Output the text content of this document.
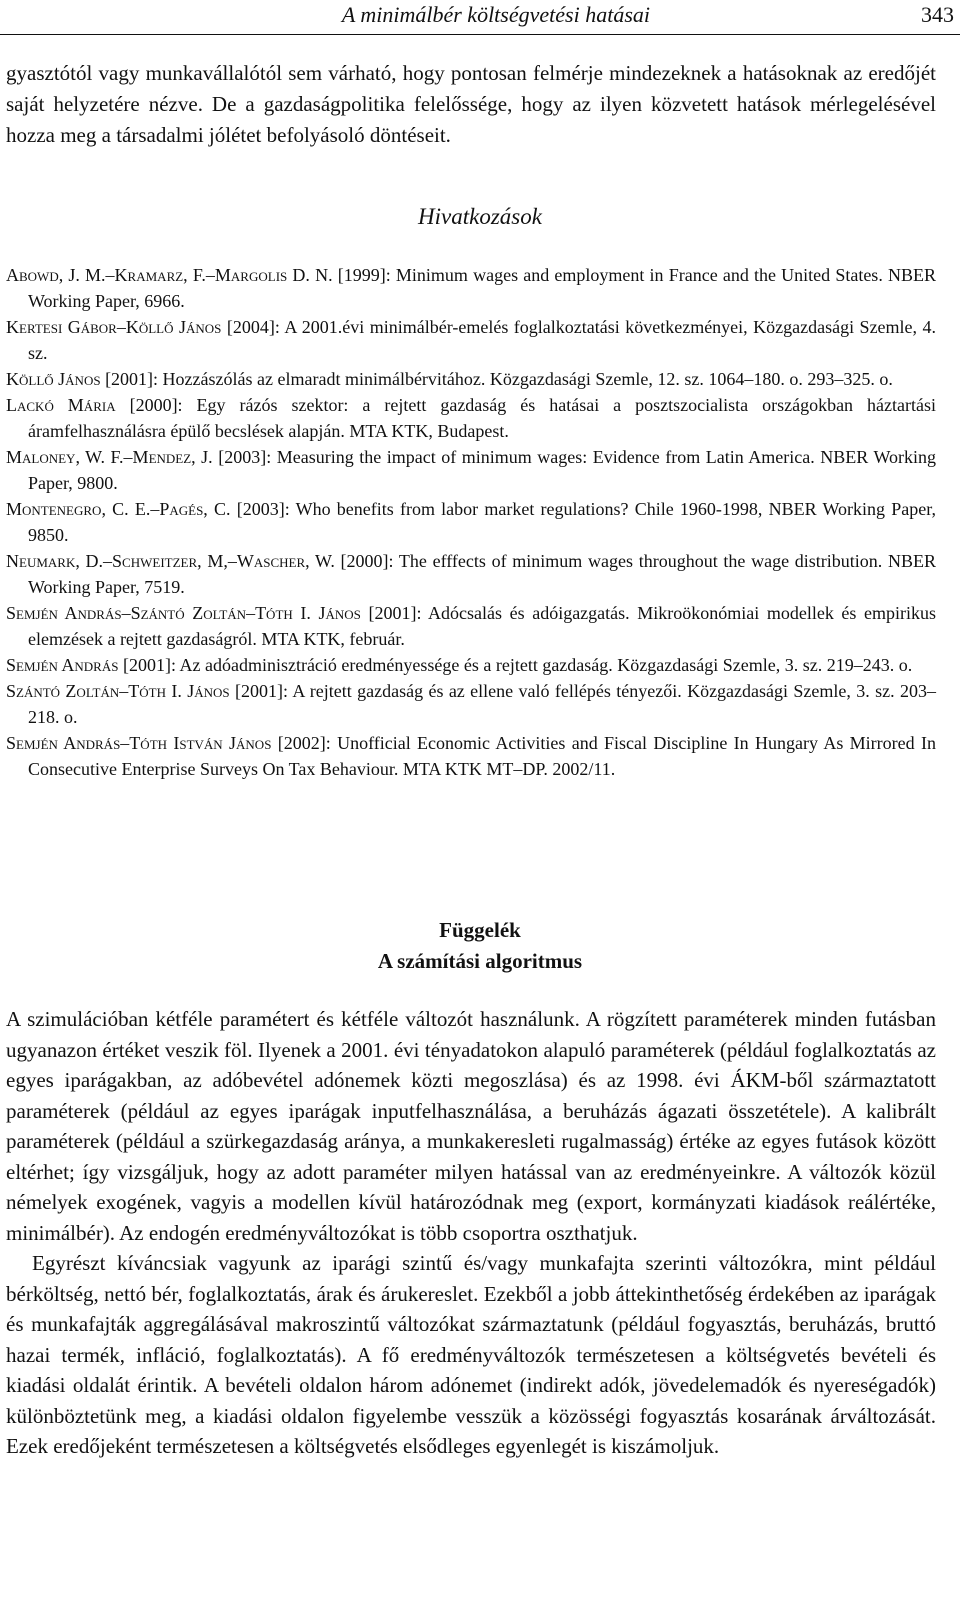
A minimálbér költségvetési hatásai	343
gyasztótól vagy munkavállalótól sem várható, hogy pontosan felmérje mindezeknek a hatásoknak az eredőjét saját helyzetére nézve. De a gazdaságpolitika felelőssége, hogy az ilyen közvetett hatások mérlegelésével hozza meg a társadalmi jólétet befolyásoló döntéseit.
Hivatkozások

Abowd, J. M.–Kramarz, F.–Margolis D. N. [1999]: Minimum wages and employment in France and the United States. NBER Working Paper, 6966.

Kertesi Gábor–Köllő János [2004]: A 2001.évi minimálbér-emelés foglalkoztatási következményei, Közgazdasági Szemle, 4. sz.

Köllő János [2001]: Hozzászólás az elmaradt minimálbérvitához. Közgazdasági Szemle, 12. sz. 1064–180. o. 293–325. o.

Lackó Mária [2000]: Egy rázós szektor: a rejtett gazdaság és hatásai a posztszocialista országokban háztartási áramfelhasználásra épülő becslések alapján. MTA KTK, Budapest.

Maloney, W. F.–Mendez, J. [2003]: Measuring the impact of minimum wages: Evidence from Latin America. NBER Working Paper, 9800.

Montenegro, C. E.–Pagés, C. [2003]: Who benefits from labor market regulations? Chile 1960-1998, NBER Working Paper, 9850.

Neumark, D.–Schweitzer, M,–Wascher, W. [2000]: The efffects of minimum wages throughout the wage distribution. NBER Working Paper, 7519.

Semjén András–Szántó Zoltán–Tóth I. János [2001]: Adócsalás és adóigazgatás. Mikroökonómiai modellek és empirikus elemzések a rejtett gazdaságról. MTA KTK, február.

Semjén András [2001]: Az adóadminisztráció eredményessége és a rejtett gazdaság. Közgazdasági Szemle, 3. sz. 219–243. o.

Szántó Zoltán–Tóth I. János [2001]: A rejtett gazdaság és az ellene való fellépés tényezői. Közgazdasági Szemle, 3. sz. 203–218. o.

Semjén András–Tóth István János [2002]: Unofficial Economic Activities and Fiscal Discipline In Hungary As Mirrored In Consecutive Enterprise Surveys On Tax Behaviour. MTA KTK MT–DP. 2002/11.

Függelék
A számítási algoritmus

A szimulációban kétféle paramétert és kétféle változót használunk. A rögzített paraméterek minden futásban ugyanazon értéket veszik föl. Ilyenek a 2001. évi tényadatokon alapuló paraméterek (például foglalkoztatás az egyes iparágakban, az adóbevétel adónemek közti megoszlása) és az 1998. évi ÁKM-ből származtatott paraméterek (például az egyes iparágak inputfelhasználása, a beruházás ágazati összetétele). A kalibrált paraméterek (például a szürkegazdaság aránya, a munkakeresleti rugalmasság) értéke az egyes futások között eltérhet; így vizsgáljuk, hogy az adott paraméter milyen hatással van az eredményeinkre. A változók közül némelyek exogének, vagyis a modellen kívül határozódnak meg (export, kormányzati kiadások reálértéke, minimálbér). Az endogén eredményváltozókat is több csoportra oszthatjuk.

Egyrészt kíváncsiak vagyunk az iparági szintű és/vagy munkafajta szerinti változókra, mint például bérköltség, nettó bér, foglalkoztatás, árak és árukereslet. Ezekből a jobb áttekinthetőség érdekében az iparágak és munkafajták aggregálásával makroszintű változókat származtatunk (például fogyasztás, beruházás, bruttó hazai termék, infláció, foglalkoztatás). A fő eredményváltozók természetesen a költségvetés bevételi és kiadási oldalát érintik. A bevételi oldalon három adónemet (indirekt adók, jövedelemadók és nyereségadók) különböztetünk meg, a kiadási oldalon figyelembe vesszük a közösségi fogyasztás kosarának árváltozását. Ezek eredőjeként természetesen a költségvetés elsődleges egyenlegét is kiszámoljuk.
